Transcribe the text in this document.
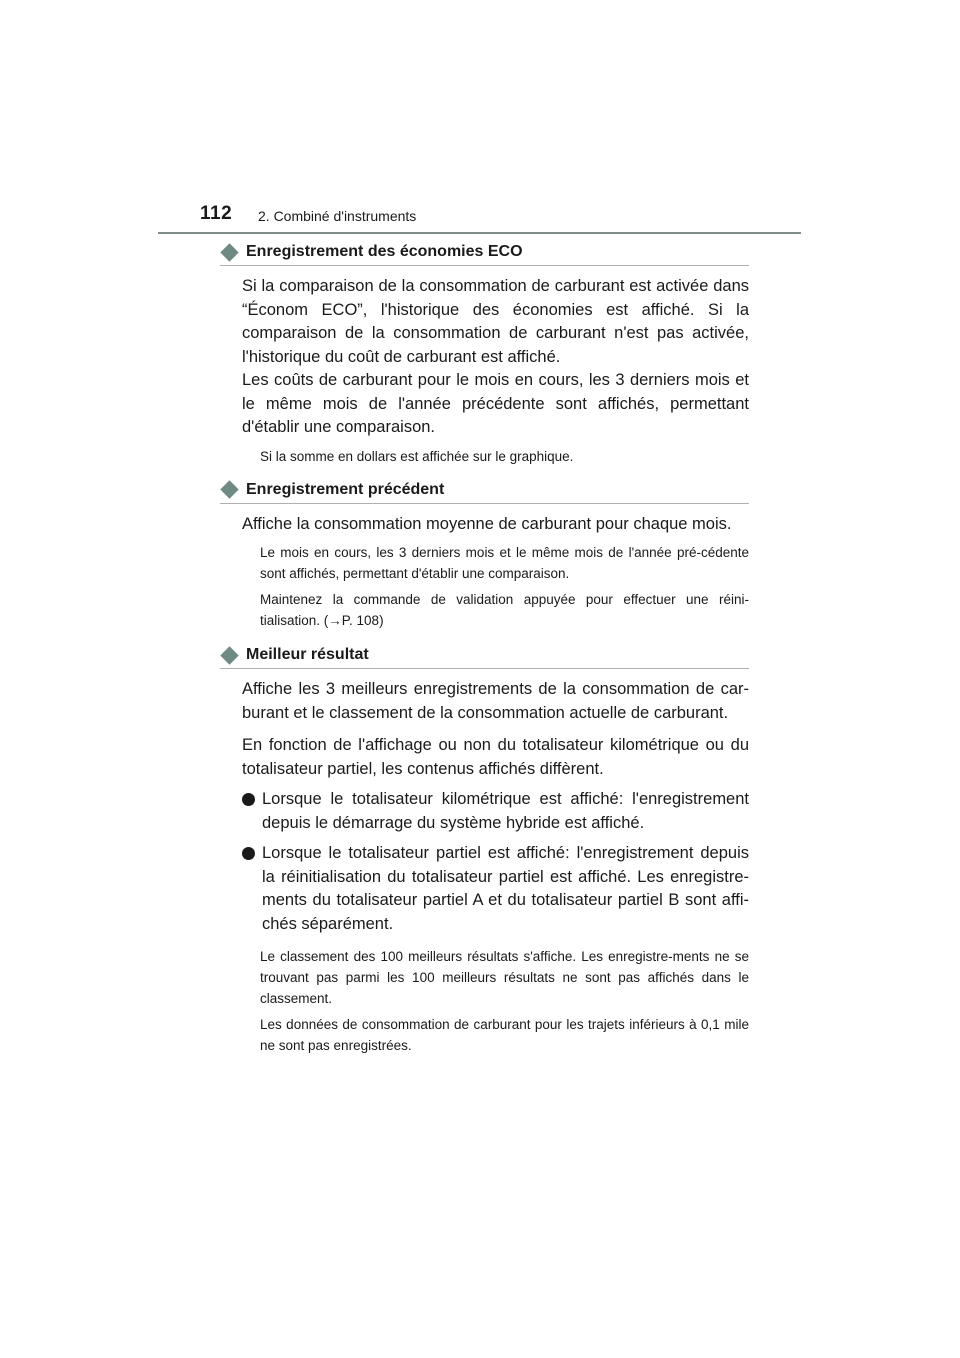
112 2. Combiné d'instruments
Enregistrement des économies ECO

Si la comparaison de la consommation de carburant est activée dans “Économ ECO”, l'historique des économies est affiché. Si la comparaison de la consommation de carburant n'est pas activée, l'historique du coût de carburant est affiché.

Les coûts de carburant pour le mois en cours, les 3 derniers mois et le même mois de l'année précédente sont affichés, permettant d'établir une comparaison.

Si la somme en dollars est affichée sur le graphique.

Enregistrement précédent

Affiche la consommation moyenne de carburant pour chaque mois.

Le mois en cours, les 3 derniers mois et le même mois de l'année pré-cédente sont affichés, permettant d'établir une comparaison.

Maintenez la commande de validation appuyée pour effectuer une réini-tialisation. (→P. 108)

Meilleur résultat

Affiche les 3 meilleurs enregistrements de la consommation de car-burant et le classement de la consommation actuelle de carburant.

En fonction de l'affichage ou non du totalisateur kilométrique ou du totalisateur partiel, les contenus affichés diffèrent.

Lorsque le totalisateur kilométrique est affiché: l'enregistrement depuis le démarrage du système hybride est affiché.

Lorsque le totalisateur partiel est affiché: l'enregistrement depuis la réinitialisation du totalisateur partiel est affiché. Les enregistre-ments du totalisateur partiel A et du totalisateur partiel B sont affi-chés séparément.

Le classement des 100 meilleurs résultats s'affiche. Les enregistre-ments ne se trouvant pas parmi les 100 meilleurs résultats ne sont pas affichés dans le classement.

Les données de consommation de carburant pour les trajets inférieurs à 0,1 mile ne sont pas enregistrées.
